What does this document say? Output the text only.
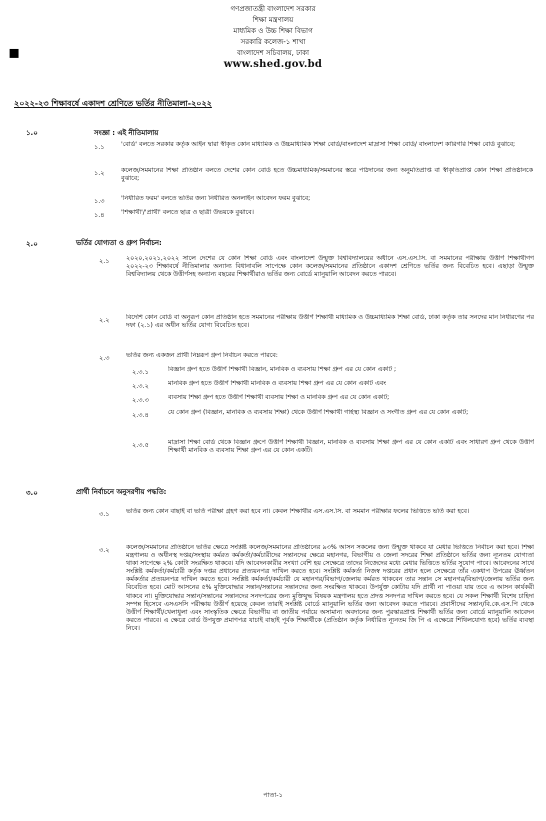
▪
গণপ্রজাতন্ত্রী বাংলাদেশ সরকার
শিক্ষা মন্ত্রণালয়
মাধ্যমিক ও উচ্চ শিক্ষা বিভাগ
সরকারি কলেজ-১ শাখা
বাংলাদেশ সচিবালয়, ঢাকা
www.shed.gov.bd
২০২২-২৩ শিক্ষাবর্ষে একাদশ শ্রেণিতে ভর্তির নীতিমালা-২০২২
১.০	সংজ্ঞা : এই নীতিমালায়
১.১	'বোর্ড' বলতে সরকার কর্তৃক আইন দ্বারা স্বীকৃত কোন মাধ্যমিক ও উচ্চমাধ্যমিক শিক্ষা বোর্ড/বাংলাদেশ মাদ্রাসা শিক্ষা বোর্ড/ বাংলাদেশ কারিগরি শিক্ষা বোর্ড বুঝাবে;
১.২	কলেজ/সমমানের শিক্ষা প্রতিষ্ঠান বলতে দেশের কোন বোর্ড হতে উচ্চমাধ্যমিক/সমমানের স্তরে পাঠদানের জন্য অনুমতিপ্রাপ্ত বা স্বীকৃতিপ্রাপ্ত কোন শিক্ষা প্রতিষ্ঠানকে বুঝাবে;
১.৩	'নির্ধারিত ফরম' বলতে ভর্তির জন্য নির্ধারিত অনলাইন আবেদন ফরম বুঝাবে;
১.৪	'শিক্ষার্থী'/'প্রার্থী' বলতে ছাত্র ও ছাত্রী উভয়কে বুঝাবে।
২.০	ভর্তির যোগ্যতা ও গ্রুপ নির্বাচন:
২.১	২০২০,২০২১,২০২২ সালে দেশের যে কোন শিক্ষা বোর্ড এবং বাংলাদেশ উন্মুক্ত বিশ্ববিদ্যালয়ের অধীনে এস.এস.সি. বা সমমানের পরীক্ষায় উত্তীর্ণ শিক্ষার্থীগণ ২০২২-২৩ শিক্ষাবর্ষে নীতিমালার অন্যান্য বিধানাবলি সাপেক্ষে কোন কলেজ/সমমানের প্রতিষ্ঠানে একাদশ শ্রেণিতে ভর্তির জন্য বিবেচিত হবে। এছাড়া উন্মুক্ত বিশ্ববিদ্যালয় থেকে উত্তীর্ণসহ অন্যান্য বছরের শিক্ষার্থীরাও ভর্তির জন্য বোর্ডে ম্যানুয়ালি আবেদন করতে পারবে।
২.২	বিদেশি কোন বোর্ড বা অনুরূপ কোন প্রতিষ্ঠান হতে সমমানের পরীক্ষায় উত্তীর্ণ শিক্ষার্থী মাধ্যমিক ও উচ্চমাধ্যমিক শিক্ষা বোর্ড, ঢাকা কর্তৃক তার সনদের মান নির্ধারণের পর দফা (২.১) এর অধীন ভর্তির যোগ্য বিবেচিত হবে।
২.৩	ভর্তির জন্য একজন প্রার্থী নিম্নরূপ গ্রুপ নির্বাচন করতে পারবে:
২.৩.১	বিজ্ঞান গ্রুপ হতে উত্তীর্ণ শিক্ষার্থী বিজ্ঞান, মানবিক ও ব্যবসায় শিক্ষা গ্রুপ এর যে কোন একটি ;
২.৩.২	মানবিক গ্রুপ হতে উত্তীর্ণ শিক্ষার্থী মানবিক ও ব্যবসায় শিক্ষা গ্রুপ এর যে কোন একটি এবং
২.৩.৩	ব্যবসায় শিক্ষা গ্রুপ হতে উত্তীর্ণ শিক্ষার্থী ব্যবসায় শিক্ষা ও মানবিক গ্রুপ এর যে কোন একটি;
২.৩.৪	যে কোন গ্রুপ (বিজ্ঞান, মানবিক ও ব্যবসায় শিক্ষা) থেকে উত্তীর্ণ শিক্ষার্থী গার্হস্থ্য বিজ্ঞান ও সংগীত গ্রুপ এর যে কোন একটি;
২.৩.৫	মাদ্রাসা শিক্ষা বোর্ড থেকে বিজ্ঞান গ্রুপে উত্তীর্ণ শিক্ষার্থী বিজ্ঞান, মানবিক ও ব্যবসায় শিক্ষা গ্রুপ এর যে কোন একটি এবং সাধারণ গ্রুপ থেকে উত্তীর্ণ শিক্ষার্থী মানবিক ও ব্যবসায় শিক্ষা গ্রুপ এর যে কোন একটি।
৩.০	প্রার্থী নির্বাচনে অনুসরণীয় পদ্ধতি:
৩.১	ভর্তির জন্য কোন বাছাই বা ভর্তি পরীক্ষা গ্রহণ করা হবে না। কেবল শিক্ষার্থীর এস.এস.সি. বা সমমান পরীক্ষার ফলের ভিত্তিতে ভর্তি করা হবে।
৩.২	কলেজ/সমমানের প্রতিষ্ঠানে ভর্তির ক্ষেত্রে সংশ্লিষ্ট কলেজ/সমমানের প্রতিষ্ঠানের ৯৩% আসন সকলের জন্য উন্মুক্ত থাকবে যা মেধার ভিত্তিতে নির্বাচন করা হবে। শিক্ষা মন্ত্রণালয় ও অধীনস্থ দপ্তর/সংস্থায় কর্মরত কর্মকর্তা/কর্মচারীদের সন্তানদের ক্ষেত্রে মহানগর, বিভাগীয় ও জেলা সদরের শিক্ষা প্রতিষ্ঠানে ভর্তির জন্য ন্যূনতম যোগ্যতা থাকা সাপেক্ষে ২% কোটা সংরক্ষিত থাকবে। যদি আবেদনকারীর সংখ্যা বেশি হয় সেক্ষেত্রে তাদের নিজেদের মধ্যে মেধার ভিত্তিতে ভর্তির সুযোগ পাবে। আবেদনের সাথে সংশ্লিষ্ট কর্মকর্তা/কর্মচারী কর্তৃক দপ্তর প্রধানের প্রত্যয়নপত্র দাখিল করতে হবে। সংশ্লিষ্ট কর্মকর্তা নিজস্ব দপ্তরের প্রধান হলে সেক্ষেত্রে তাঁর একধাপ উপরের ঊর্ধ্বতন কর্মকর্তার প্রত্যয়নপত্র দাখিল করতে হবে। সংশ্লিষ্ট কর্মকর্তা/কর্মচারী যে মহানগর/বিভাগ/জেলায় কর্মরত থাকবেন তার সন্তান সে মহানগর/বিভাগ/জেলায় ভর্তির জন্য বিবেচিত হবে। মোট আসনের ৫% মুক্তিযোদ্ধার সন্তান/সন্তানের সন্তানদের জন্য সংরক্ষিত থাকবে। উপর্যুক্ত কোটায় যদি প্রার্থী না পাওয়া যায় তবে এ আসন কার্যকরী থাকবে না। মুক্তিযোদ্ধার সন্তান/সন্তানের সন্তানদের সনদপত্রের জন্য মুক্তিযুদ্ধ বিষয়ক মন্ত্রণালয় হতে প্রদত্ত সনদপত্র দাখিল করতে হবে। যে সকল শিক্ষার্থী বিশেষ চাহিদা সম্পন্ন হিসেবে এসএসসি পরীক্ষায় উত্তীর্ণ হয়েছে কেবল তারাই সংশ্লিষ্ট বোর্ডে ম্যানুয়ালি ভর্তির জন্য আবেদন করতে পারবে। প্রবাসীদের সন্তান/বি.কে.এস.পি থেকে উত্তীর্ণ শিক্ষার্থী/খেলাধুলা এবং সাংস্কৃতিক ক্ষেত্রে বিভাগীয় বা জাতীয় পর্যায়ে অসামান্য অবদানের জন্য পুরস্কারপ্রাপ্ত শিক্ষার্থী ভর্তির জন্য বোর্ডে ম্যানুয়ালি আবেদন করতে পারবে। এ ক্ষেত্রে বোর্ড উপযুক্ত প্রমাণপত্র যাচাই বাছাই পূর্বক শিক্ষার্থীকে (প্রতিষ্ঠান কর্তৃক নির্ধারিত ন্যূনতম জি পি এ এক্ষেত্রে শিথিলযোগ্য হবে) ভর্তির ব্যবস্থা নিবে।
পাতা-১
